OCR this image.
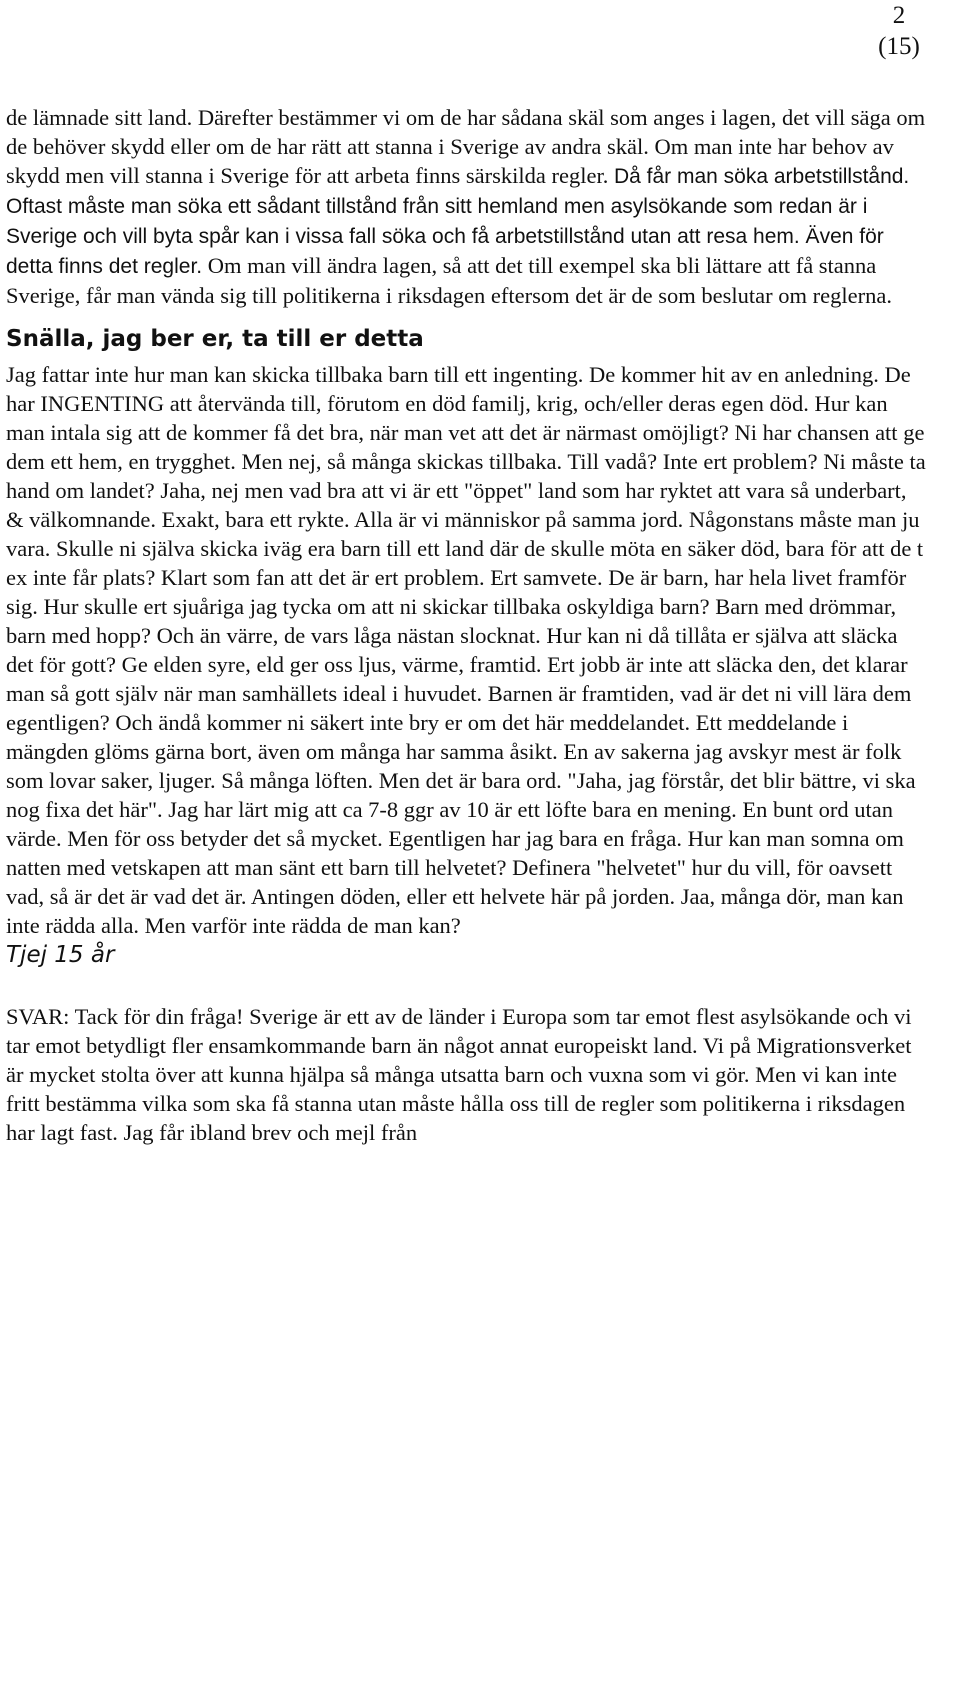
2
(15)

de lämnade sitt land. Därefter bestämmer vi om de har sådana skäl som anges i lagen, det vill säga om de behöver skydd eller om de har rätt att stanna i Sverige av andra skäl. Om man inte har behov av skydd men vill stanna i Sverige för att arbeta finns särskilda regler. Då får man söka arbetstillstånd. Oftast måste man söka ett sådant tillstånd från sitt hemland men asylsökande som redan är i Sverige och vill byta spår kan i vissa fall söka och få arbetstillstånd utan att resa hem. Även för detta finns det regler. Om man vill ändra lagen, så att det till exempel ska bli lättare att få stanna Sverige, får man vända sig till politikerna i riksdagen eftersom det är de som beslutar om reglerna.

Snälla, jag ber er, ta till er detta

Jag fattar inte hur man kan skicka tillbaka barn till ett ingenting. De kommer hit av en anledning. De har INGENTING att återvända till, förutom en död familj, krig, och/eller deras egen död. Hur kan man intala sig att de kommer få det bra, när man vet att det är närmast omöjligt? Ni har chansen att ge dem ett hem, en trygghet. Men nej, så många skickas tillbaka. Till vadå? Inte ert problem? Ni måste ta hand om landet? Jaha, nej men vad bra att vi är ett "öppet" land som har ryktet att vara så underbart, & välkomnande. Exakt, bara ett rykte. Alla är vi människor på samma jord. Någonstans måste man ju vara. Skulle ni själva skicka iväg era barn till ett land där de skulle möta en säker död, bara för att de t ex inte får plats? Klart som fan att det är ert problem. Ert samvete. De är barn, har hela livet framför sig. Hur skulle ert sjuåriga jag tycka om att ni skickar tillbaka oskyldiga barn? Barn med drömmar, barn med hopp? Och än värre, de vars låga nästan slocknat. Hur kan ni då tillåta er själva att släcka det för gott? Ge elden syre, eld ger oss ljus, värme, framtid. Ert jobb är inte att släcka den, det klarar man så gott själv när man samhällets ideal i huvudet. Barnen är framtiden, vad är det ni vill lära dem egentligen? Och ändå kommer ni säkert inte bry er om det här meddelandet. Ett meddelande i mängden glöms gärna bort, även om många har samma åsikt. En av sakerna jag avskyr mest är folk som lovar saker, ljuger. Så många löften. Men det är bara ord. "Jaha, jag förstår, det blir bättre, vi ska nog fixa det här". Jag har lärt mig att ca 7-8 ggr av 10 är ett löfte bara en mening. En bunt ord utan värde. Men för oss betyder det så mycket. Egentligen har jag bara en fråga. Hur kan man somna om natten med vetskapen att man sänt ett barn till helvetet? Definera "helvetet" hur du vill, för oavsett vad, så är det är vad det är. Antingen döden, eller ett helvete här på jorden. Jaa, många dör, man kan inte rädda alla. Men varför inte rädda de man kan?

Tjej 15 år

SVAR: Tack för din fråga! Sverige är ett av de länder i Europa som tar emot flest asylsökande och vi tar emot betydligt fler ensamkommande barn än något annat europeiskt land. Vi på Migrationsverket är mycket stolta över att kunna hjälpa så många utsatta barn och vuxna som vi gör. Men vi kan inte fritt bestämma vilka som ska få stanna utan måste hålla oss till de regler som politikerna i riksdagen har lagt fast. Jag får ibland brev och mejl från
